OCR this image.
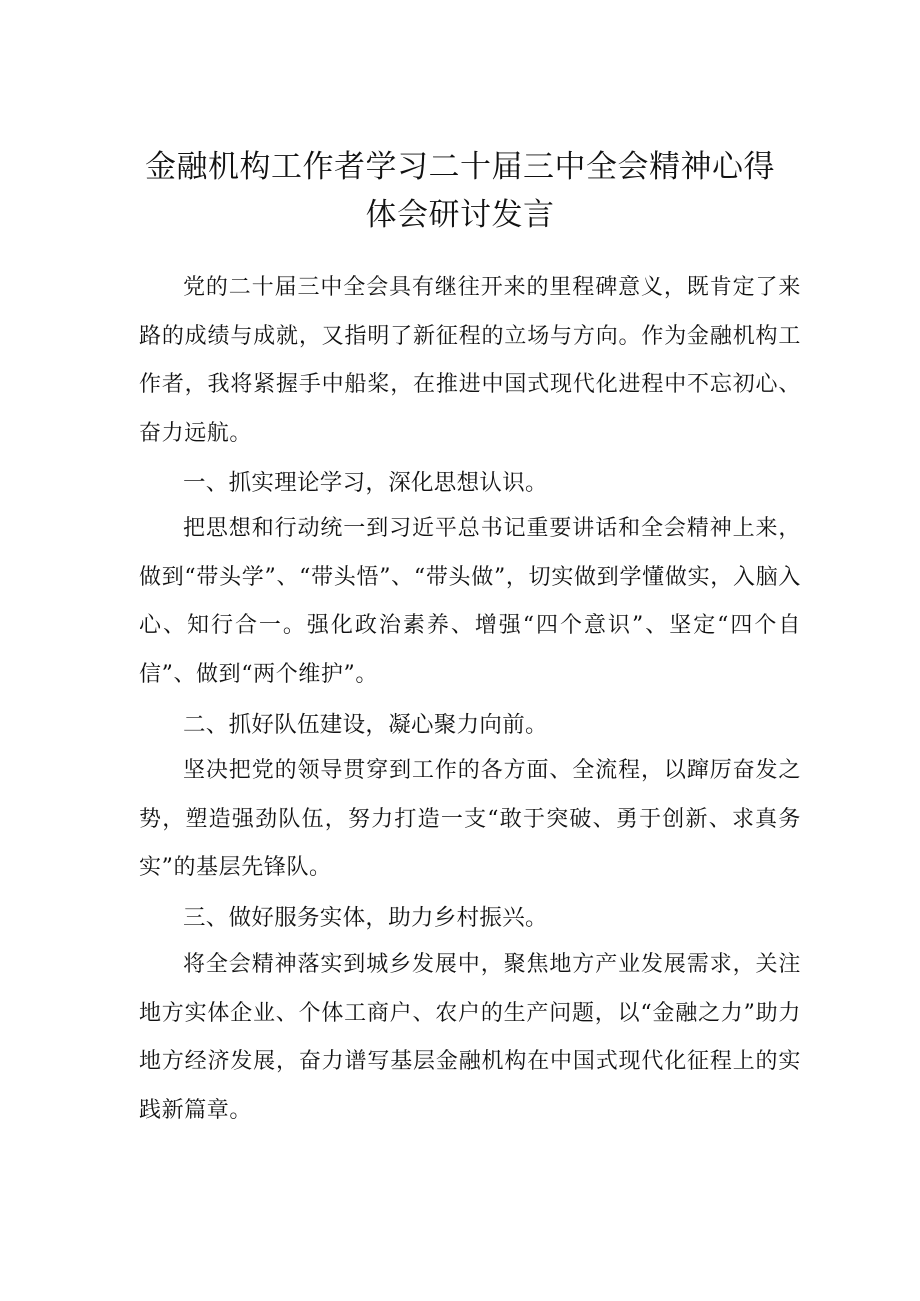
金融机构工作者学习二十届三中全会精神心得
体会研讨发言

党的二十届三中全会具有继往开来的里程碑意义，既肯定了来路的成绩与成就，又指明了新征程的立场与方向。作为金融机构工作者，我将紧握手中船桨，在推进中国式现代化进程中不忘初心、奋力远航。

一、抓实理论学习，深化思想认识。

把思想和行动统一到习近平总书记重要讲话和全会精神上来，做到“带头学”、“带头悟”、“带头做”，切实做到学懂做实，入脑入心、知行合一。强化政治素养、增强“四个意识”、坚定“四个自信”、做到“两个维护”。

二、抓好队伍建设，凝心聚力向前。

坚决把党的领导贯穿到工作的各方面、全流程，以蹿厉奋发之势，塑造强劲队伍，努力打造一支“敢于突破、勇于创新、求真务实”的基层先锋队。

三、做好服务实体，助力乡村振兴。

将全会精神落实到城乡发展中，聚焦地方产业发展需求，关注地方实体企业、个体工商户、农户的生产问题，以“金融之力”助力地方经济发展，奋力谱写基层金融机构在中国式现代化征程上的实践新篇章。
